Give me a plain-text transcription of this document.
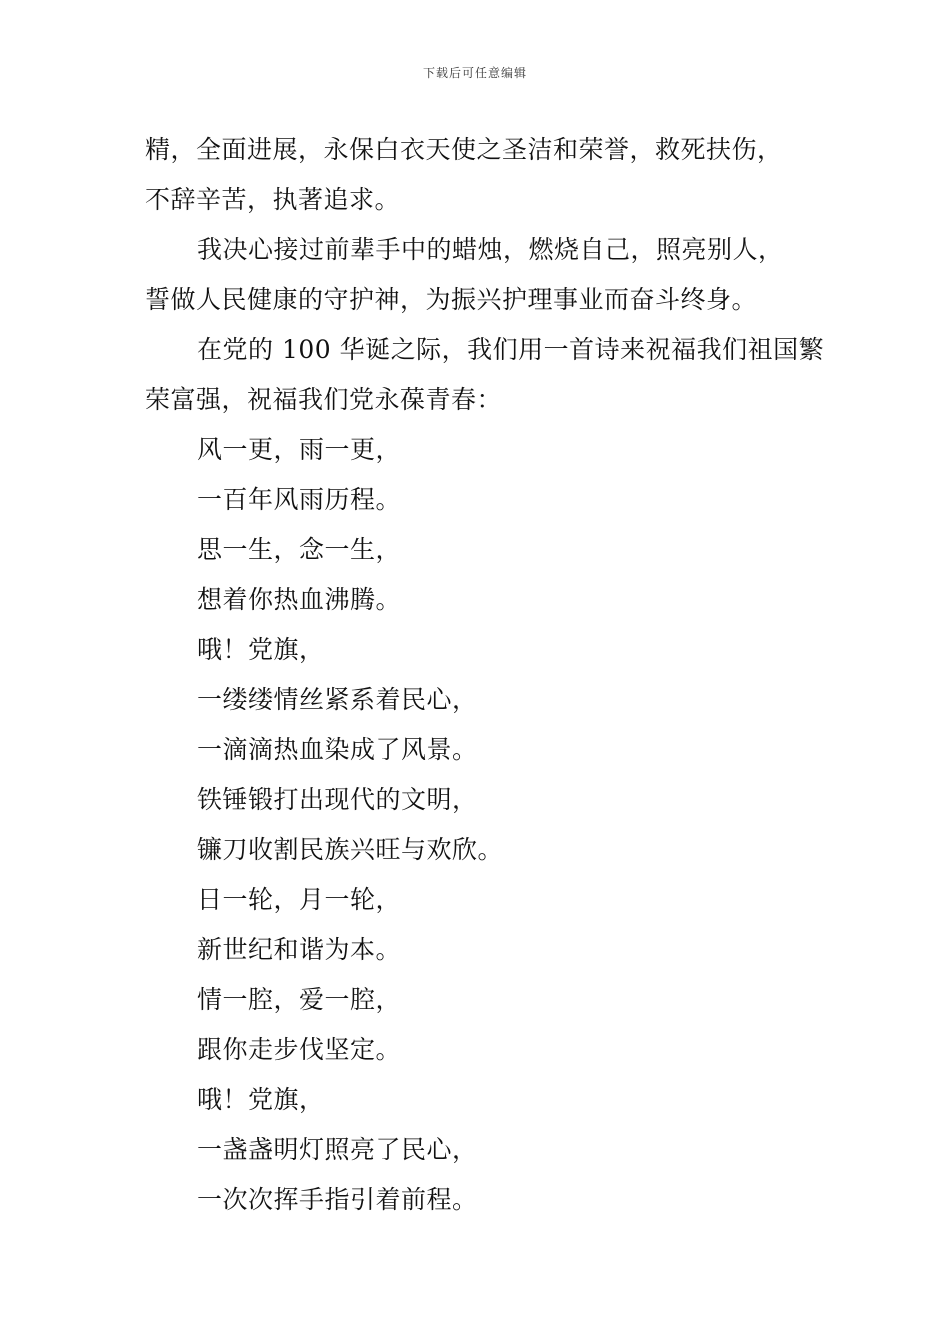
下载后可任意编辑
精，全面进展，永保白衣天使之圣洁和荣誉，救死扶伤，
不辞辛苦，执著追求。
我决心接过前辈手中的蜡烛，燃烧自己，照亮别人，
誓做人民健康的守护神，为振兴护理事业而奋斗终身。
在党的 100 华诞之际，我们用一首诗来祝福我们祖国繁
荣富强，祝福我们党永葆青春：
风一更，雨一更，
一百年风雨历程。
思一生，念一生，
想着你热血沸腾。
哦！党旗，
一缕缕情丝紧系着民心，
一滴滴热血染成了风景。
铁锤锻打出现代的文明，
镰刀收割民族兴旺与欢欣。
日一轮，月一轮，
新世纪和谐为本。
情一腔，爱一腔，
跟你走步伐坚定。
哦！党旗，
一盏盏明灯照亮了民心，
一次次挥手指引着前程。
